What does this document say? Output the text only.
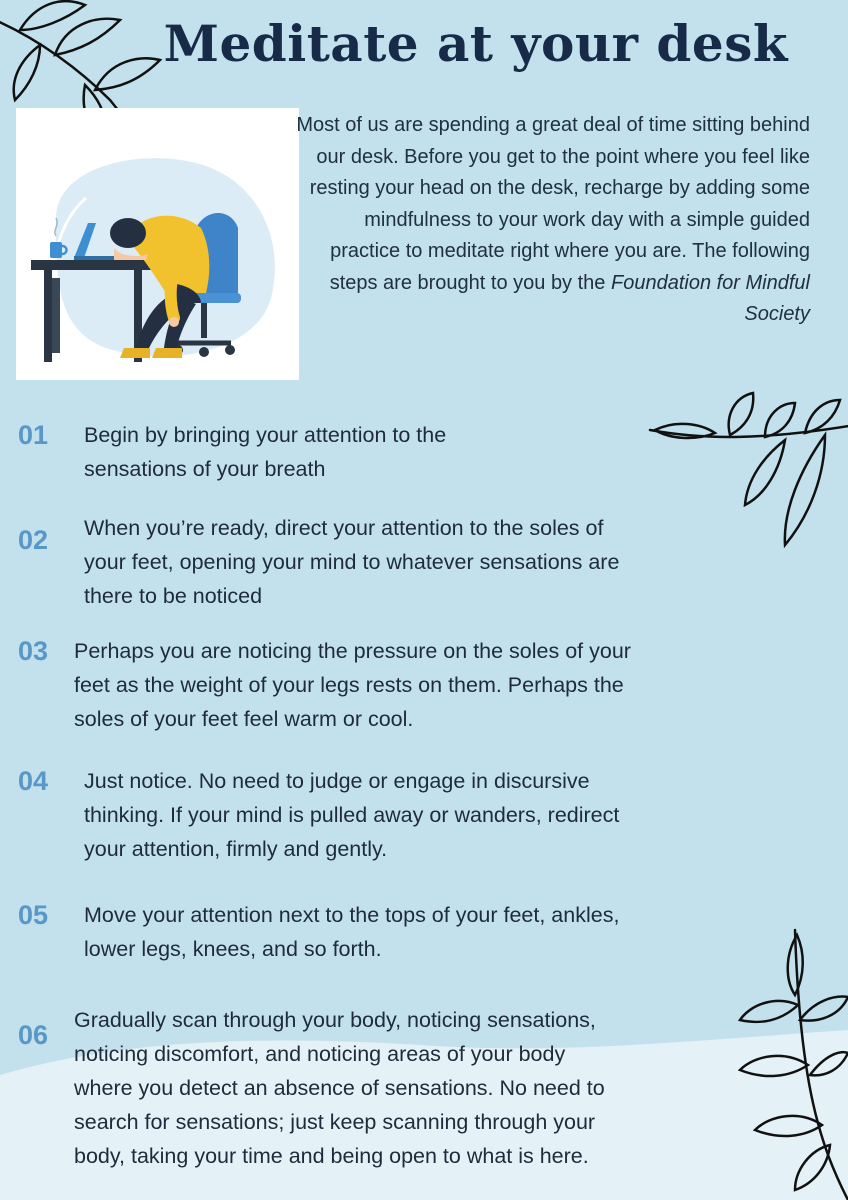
Meditate at your desk

Most of us are spending a great deal of time sitting behind our desk. Before you get to the point where you feel like resting your head on the desk, recharge by adding some mindfulness to your work day with a simple guided practice to meditate right where you are. The following steps are brought to you by the Foundation for Mindful Society

01 Begin by bringing your attention to the
sensations of your breath
02 When you’re ready, direct your attention to the soles of
your feet, opening your mind to whatever sensations are
there to be noticed
03 Perhaps you are noticing the pressure on the soles of your
feet as the weight of your legs rests on them. Perhaps the
soles of your feet feel warm or cool.
04 Just notice. No need to judge or engage in discursive
thinking. If your mind is pulled away or wanders, redirect
your attention, firmly and gently.
05 Move your attention next to the tops of your feet, ankles,
lower legs, knees, and so forth.
06 Gradually scan through your body, noticing sensations,
noticing discomfort, and noticing areas of your body
where you detect an absence of sensations. No need to
search for sensations; just keep scanning through your
body, taking your time and being open to what is here.
